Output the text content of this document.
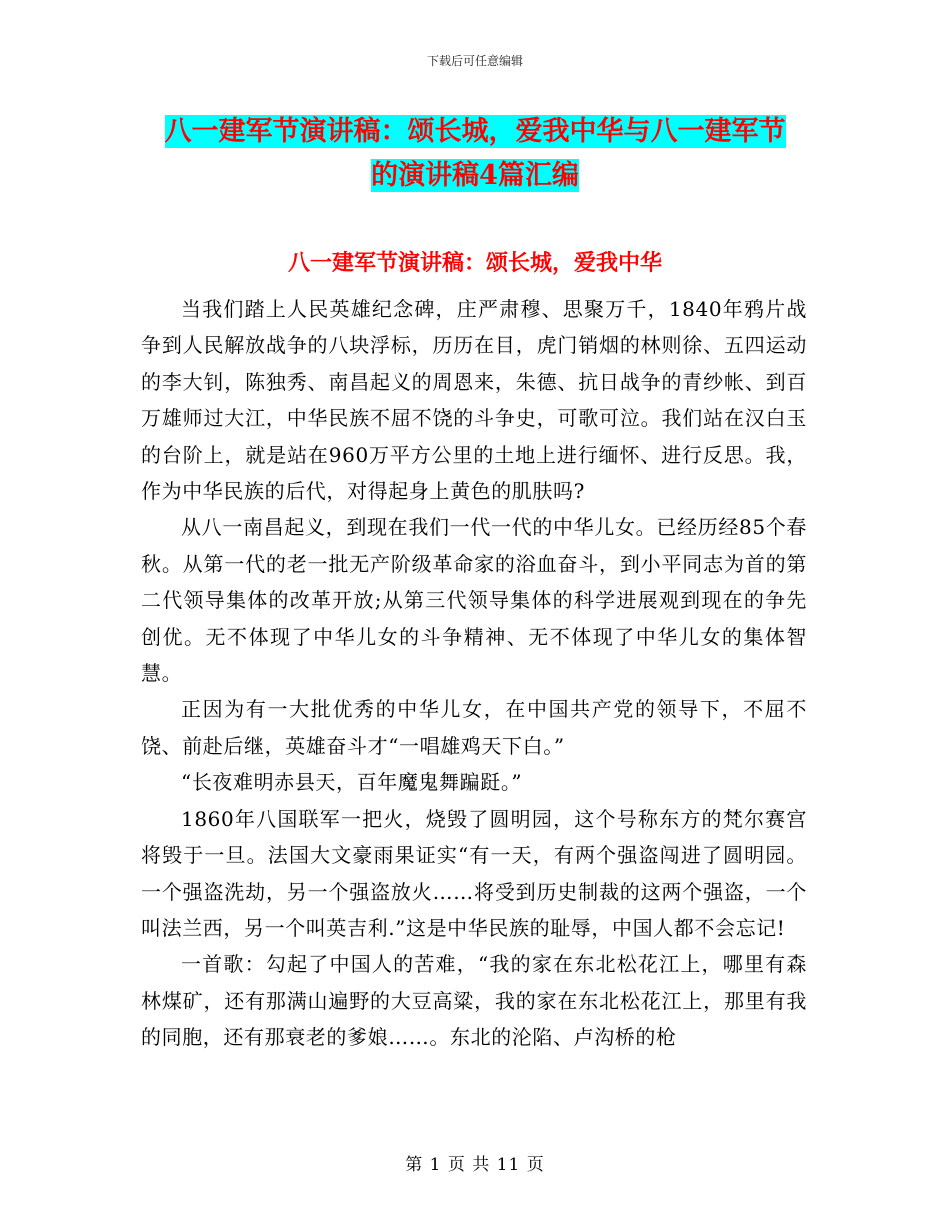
下载后可任意编辑
八一建军节演讲稿：颂长城，爱我中华与八一建军节
的演讲稿4篇汇编
八一建军节演讲稿：颂长城，爱我中华

当我们踏上人民英雄纪念碑，庄严肃穆、思聚万千，1840年鸦片战争到人民解放战争的八块浮标，历历在目，虎门销烟的林则徐、五四运动的李大钊，陈独秀、南昌起义的周恩来，朱德、抗日战争的青纱帐、到百万雄师过大江，中华民族不屈不饶的斗争史，可歌可泣。我们站在汉白玉的台阶上，就是站在960万平方公里的土地上进行缅怀、进行反思。我，作为中华民族的后代，对得起身上黄色的肌肤吗?

从八一南昌起义，到现在我们一代一代的中华儿女。已经历经85个春秋。从第一代的老一批无产阶级革命家的浴血奋斗，到小平同志为首的第二代领导集体的改革开放;从第三代领导集体的科学进展观到现在的争先创优。无不体现了中华儿女的斗争精神、无不体现了中华儿女的集体智慧。

正因为有一大批优秀的中华儿女，在中国共产党的领导下，不屈不饶、前赴后继，英雄奋斗才“一唱雄鸡天下白。”

“长夜难明赤县天，百年魔鬼舞蹁跹。”

1860年八国联军一把火，烧毁了圆明园，这个号称东方的梵尔赛宫将毁于一旦。法国大文豪雨果证实“有一天，有两个强盗闯进了圆明园。一个强盗洗劫，另一个强盗放火……将受到历史制裁的这两个强盗，一个叫法兰西，另一个叫英吉利.”这是中华民族的耻辱，中国人都不会忘记!

一首歌：勾起了中国人的苦难，“我的家在东北松花江上，哪里有森林煤矿，还有那满山遍野的大豆高粱，我的家在东北松花江上，那里有我的同胞，还有那衰老的爹娘……。东北的沦陷、卢沟桥的枪

第 1 页 共 11 页
